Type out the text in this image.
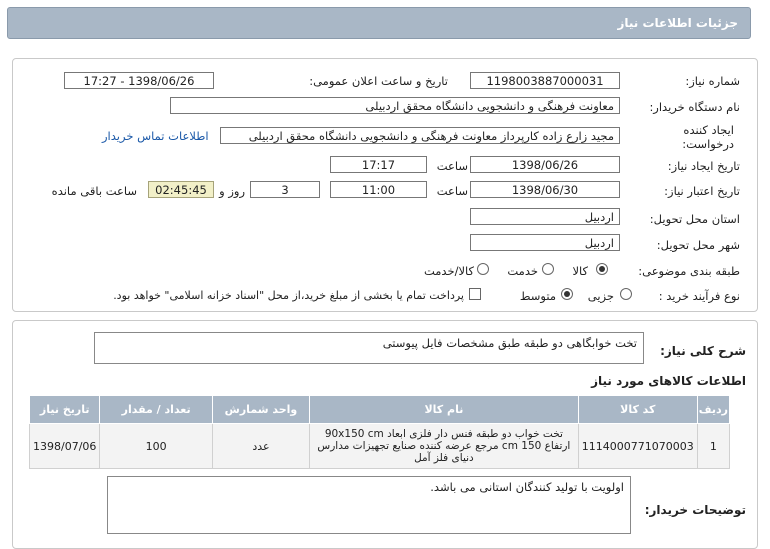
جزئیات اطلاعات نیاز
شماره نیاز:
1198003887000031
تاریخ و ساعت اعلان عمومی:
1398/06/26 - 17:27
نام دستگاه خریدار:
معاونت فرهنگی و دانشجویی دانشگاه محقق اردبیلی
ایجاد کننده درخواست:
مجید زارع زاده کارپرداز معاونت فرهنگی و دانشجویی دانشگاه محقق اردبیلی
اطلاعات تماس خریدار
تاریخ ایجاد نیاز:
1398/06/26
ساعت
17:17
تاریخ اعتبار نیاز:
1398/06/30
ساعت
11:00
3
روز و
02:45:45
ساعت باقی مانده
استان محل تحویل:
اردبیل
شهر محل تحویل:
اردبیل
طبقه بندی موضوعی:
کالا
خدمت
کالا/خدمت
نوع فرآیند خرید :
جزیی
متوسط
پرداخت تمام یا بخشی از مبلغ خرید،از محل "اسناد خزانه اسلامی" خواهد بود.
شرح کلی نیاز:
تخت خوابگاهی دو طبقه طبق مشخصات فایل پیوستی
اطلاعات کالاهای مورد نیاز
ردیف	کد کالا	نام کالا	واحد شمارش	تعداد / مقدار	تاریخ نیاز
1	1114000771070003	تخت خواب دو طبقه فنس دار فلزی ابعاد 90x150 cm ارتفاع 150 cm مرجع عرضه کننده صنایع تجهیزات مدارس دنیای فلز آمل	عدد	100	1398/07/06
توضیحات خریدار:
اولویت با تولید کنندگان استانی می باشد.
